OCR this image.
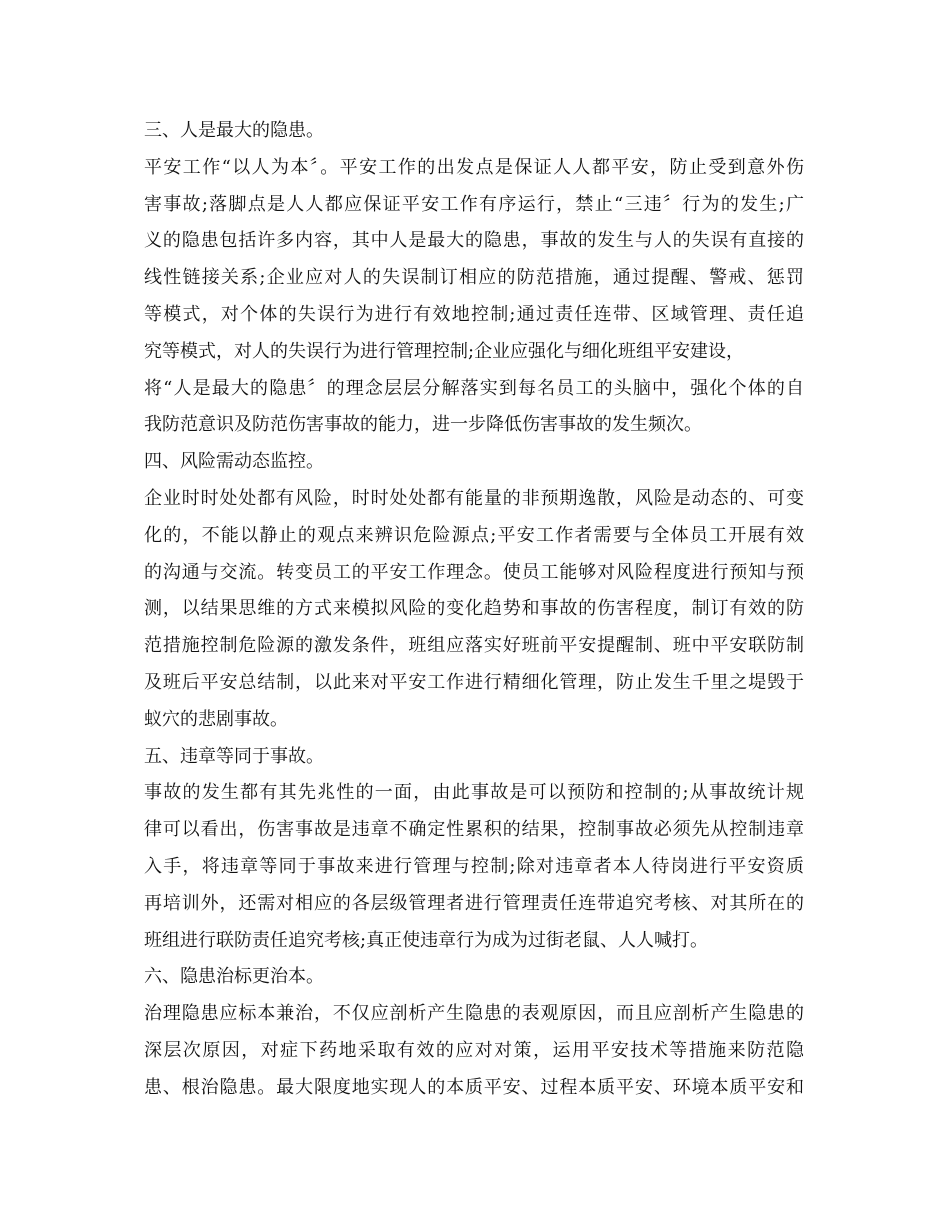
三、人是最大的隐患。
平安工作“以人为本〞。平安工作的出发点是保证人人都平安，防止受到意外伤
害事故;落脚点是人人都应保证平安工作有序运行，禁止“三违〞行为的发生;广
义的隐患包括许多内容，其中人是最大的隐患，事故的发生与人的失误有直接的
线性链接关系;企业应对人的失误制订相应的防范措施，通过提醒、警戒、惩罚
等模式，对个体的失误行为进行有效地控制;通过责任连带、区域管理、责任追
究等模式，对人的失误行为进行管理控制;企业应强化与细化班组平安建设，
将“人是最大的隐患〞的理念层层分解落实到每名员工的头脑中，强化个体的自
我防范意识及防范伤害事故的能力，进一步降低伤害事故的发生频次。
四、风险需动态监控。
企业时时处处都有风险，时时处处都有能量的非预期逸散，风险是动态的、可变
化的，不能以静止的观点来辨识危险源点;平安工作者需要与全体员工开展有效
的沟通与交流。转变员工的平安工作理念。使员工能够对风险程度进行预知与预
测，以结果思维的方式来模拟风险的变化趋势和事故的伤害程度，制订有效的防
范措施控制危险源的激发条件，班组应落实好班前平安提醒制、班中平安联防制
及班后平安总结制，以此来对平安工作进行精细化管理，防止发生千里之堤毁于
蚁穴的悲剧事故。
五、违章等同于事故。
事故的发生都有其先兆性的一面，由此事故是可以预防和控制的;从事故统计规
律可以看出，伤害事故是违章不确定性累积的结果，控制事故必须先从控制违章
入手，将违章等同于事故来进行管理与控制;除对违章者本人待岗进行平安资质
再培训外，还需对相应的各层级管理者进行管理责任连带追究考核、对其所在的
班组进行联防责任追究考核;真正使违章行为成为过街老鼠、人人喊打。
六、隐患治标更治本。
治理隐患应标本兼治，不仅应剖析产生隐患的表观原因，而且应剖析产生隐患的
深层次原因，对症下药地采取有效的应对对策，运用平安技术等措施来防范隐
患、根治隐患。最大限度地实现人的本质平安、过程本质平安、环境本质平安和
